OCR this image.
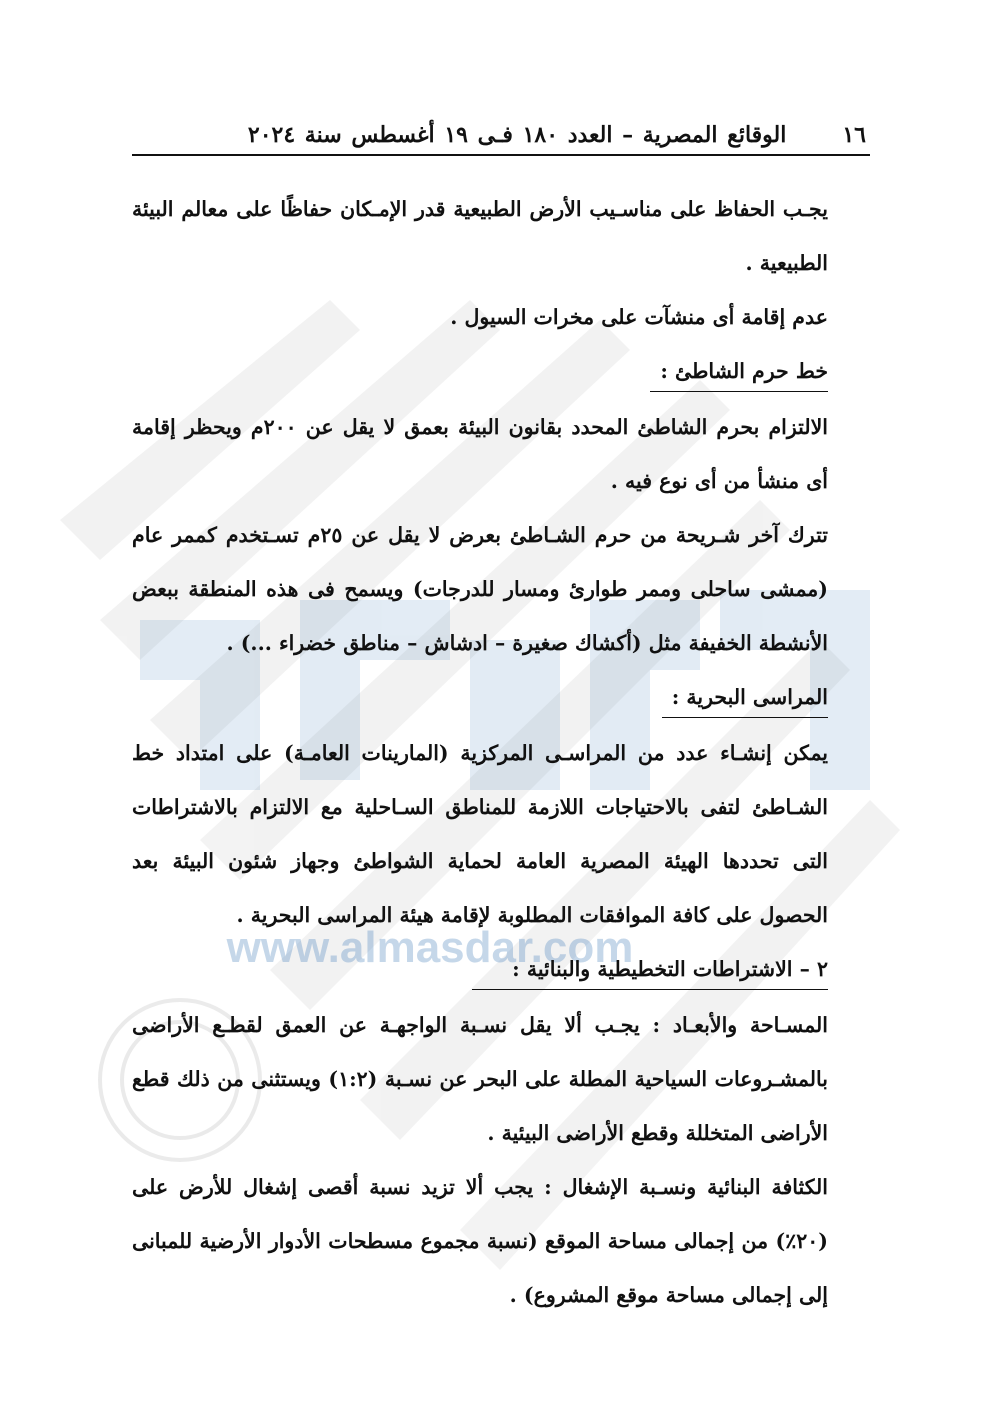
www.almasdar.com
١٦
الوقائع المصرية – العدد ١٨٠ فـى ١٩ أغسطس سنة ٢٠٢٤

يجـب الحفاظ على مناسـيب الأرض الطبيعية قدر الإمـكان حفاظًا على معالم البيئة الطبيعية .

عدم إقامة أى منشآت على مخرات السيول .

خط حرم الشاطئ :

الالتزام بحرم الشاطئ المحدد بقانون البيئة بعمق لا يقل عن ٢٠٠م ويحظر إقامة أى منشأ من أى نوع فيه .

تترك آخر شـريحة من حرم الشـاطئ بعرض لا يقل عن ٢٥م تسـتخدم كممر عام (ممشى ساحلى وممر طوارئ ومسار للدرجات) ويسمح فى هذه المنطقة ببعض الأنشطة الخفيفة مثل (أكشاك صغيرة – ادشاش – مناطق خضراء ...) .

المراسى البحرية :

يمكن إنشـاء عدد من المراسـى المركزية (المارينات العامـة) على امتداد خط الشـاطئ لتفى بالاحتياجات اللازمة للمناطق السـاحلية مع الالتزام بالاشتراطات التى تحددها الهيئة المصرية العامة لحماية الشواطئ وجهاز شئون البيئة بعد الحصول على كافة الموافقات المطلوبة لإقامة هيئة المراسى البحرية .

٢ – الاشتراطات التخطيطية والبنائية :

المسـاحة والأبعـاد : يجـب ألا يقل نسـبة الواجهـة عن العمق لقطـع الأراضى بالمشـروعات السياحية المطلة على البحر عن نسـبة (١:٢) ويستثنى من ذلك قطع الأراضى المتخللة وقطع الأراضى البيئية .

الكثافة البنائية ونسـبة الإشغال : يجب ألا تزيد نسبة أقصى إشغال للأرض على (٢٠٪) من إجمالى مساحة الموقع (نسبة مجموع مسطحات الأدوار الأرضية للمبانى إلى إجمالى مساحة موقع المشروع) .
